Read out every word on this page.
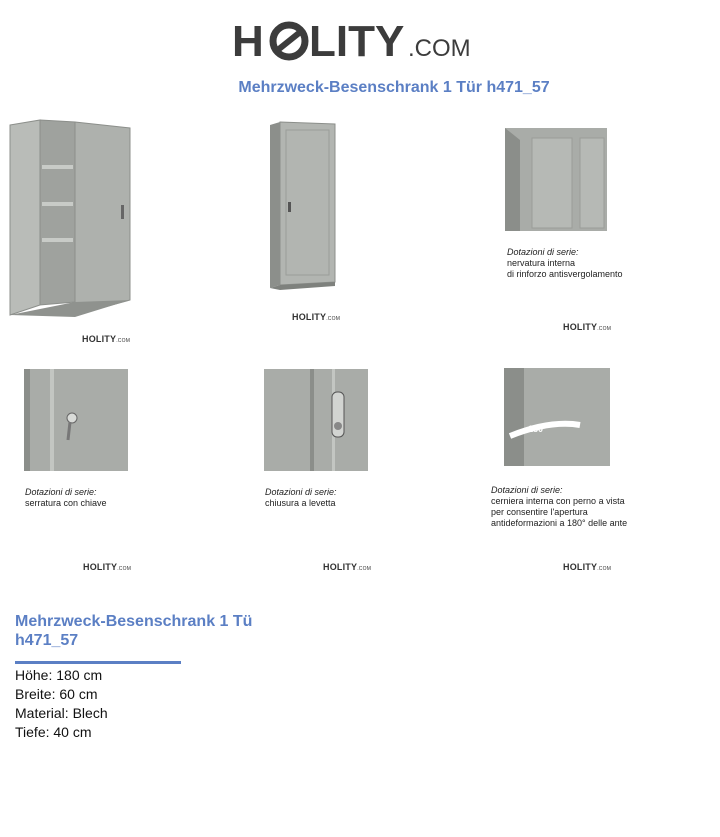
H LITY .COM
Mehrzweck-Besenschrank 1 Tür h471_57
HOLITY.COM
HOLITY.COM

Dotazioni di serie:
nervatura interna
di rinforzo antisvergolamento

HOLITY.COM

Dotazioni di serie:
serratura con chiave

HOLITY.COM

Dotazioni di serie:
chiusura a levetta

HOLITY.COM
180°

Dotazioni di serie:
cerniera interna con perno a vista
per consentire l'apertura
antideformazioni a 180° delle ante

HOLITY.COM
Mehrzweck-Besenschrank 1 Tü h471_57
Höhe: 180 cm
Breite: 60 cm
Material: Blech
Tiefe: 40 cm
